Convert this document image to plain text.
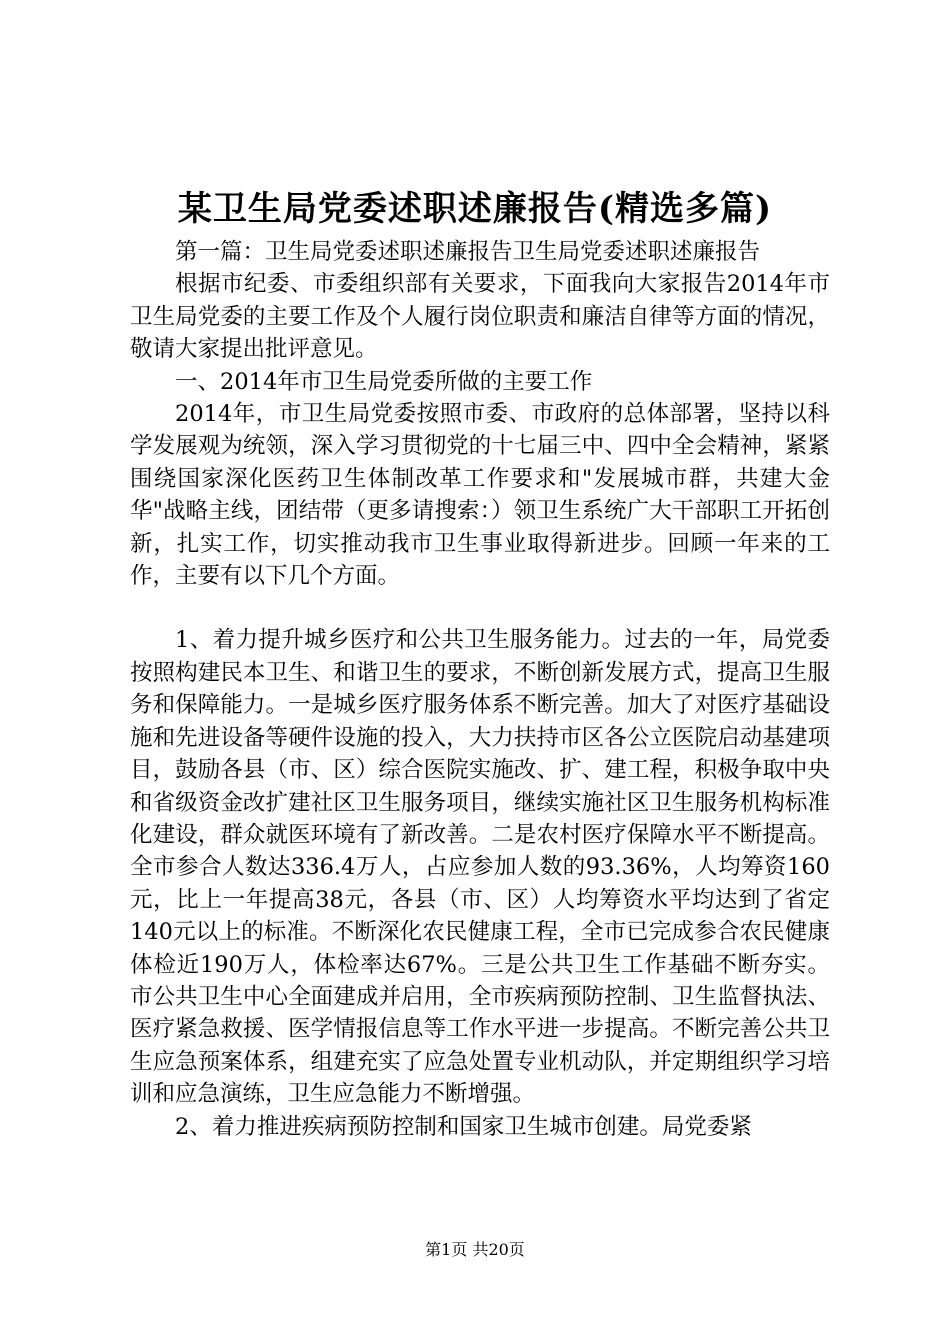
某卫生局党委述职述廉报告(精选多篇)

第一篇：卫生局党委述职述廉报告卫生局党委述职述廉报告

根据市纪委、市委组织部有关要求，下面我向大家报告2014年市卫生局党委的主要工作及个人履行岗位职责和廉洁自律等方面的情况，敬请大家提出批评意见。

一、2014年市卫生局党委所做的主要工作

2014年，市卫生局党委按照市委、市政府的总体部署，坚持以科学发展观为统领，深入学习贯彻党的十七届三中、四中全会精神，紧紧围绕国家深化医药卫生体制改革工作要求和"发展城市群，共建大金华"战略主线，团结带（更多请搜索：）领卫生系统广大干部职工开拓创新，扎实工作，切实推动我市卫生事业取得新进步。回顾一年来的工作，主要有以下几个方面。

1、着力提升城乡医疗和公共卫生服务能力。过去的一年，局党委按照构建民本卫生、和谐卫生的要求，不断创新发展方式，提高卫生服务和保障能力。一是城乡医疗服务体系不断完善。加大了对医疗基础设施和先进设备等硬件设施的投入，大力扶持市区各公立医院启动基建项目，鼓励各县（市、区）综合医院实施改、扩、建工程，积极争取中央和省级资金改扩建社区卫生服务项目，继续实施社区卫生服务机构标准化建设，群众就医环境有了新改善。二是农村医疗保障水平不断提高。全市参合人数达336.4万人，占应参加人数的93.36%，人均筹资160元，比上一年提高38元，各县（市、区）人均筹资水平均达到了省定140元以上的标准。不断深化农民健康工程，全市已完成参合农民健康体检近190万人，体检率达67%。三是公共卫生工作基础不断夯实。市公共卫生中心全面建成并启用，全市疾病预防控制、卫生监督执法、医疗紧急救援、医学情报信息等工作水平进一步提高。不断完善公共卫生应急预案体系，组建充实了应急处置专业机动队，并定期组织学习培训和应急演练，卫生应急能力不断增强。

2、着力推进疾病预防控制和国家卫生城市创建。局党委紧

第1页 共20页
